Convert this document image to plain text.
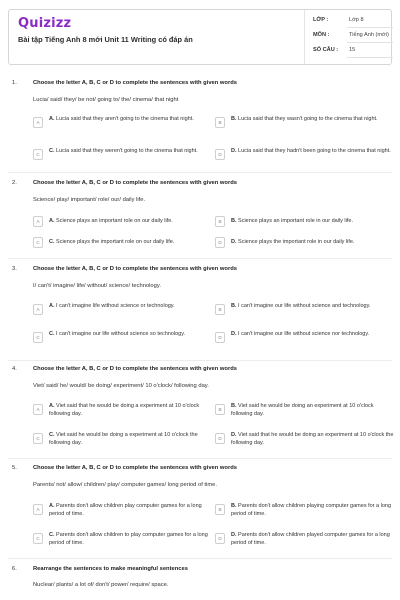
Quizizz
Bài tập Tiếng Anh 8 mới Unit 11 Writing có đáp án
LỚP :	Lớp 8
MÔN :	Tiếng Anh (mới)
SỐ CÂU : 15
1.	Choose the letter A, B, C or D to complete the sentences with given words
Lucia/ said/ they/ be not/ going to/ the/ cinema/ that night
A
A. Lucia said that they aren't going to the cinema that night.
B
B. Lucia said that they wasn't going to the cinema that night.
C
C. Lucia said that they weren't going to the cinema that night.
D
D. Lucia said that they hadn't been going to the cinema that night.
2.	Choose the letter A, B, C or D to complete the sentences with given words
Science/ play/ important/ role/ our/ daily life.
A	A. Science plays an important role on our daily life.	B	B. Science plays an important role in our daily life.
C	C. Science plays the important role on our daily life.	D	D. Science plays the important role in our daily life.
3.	Choose the letter A, B, C or D to complete the sentences with given words
I/ can't/ imagine/ life/ without/ science/ technology.
A
A. I can't imagine life without science or technology.
B
B. I can't imagine our life without science and technology.
C
C. I can't imagine our life without science so technology.
D
D. I can't imagine our life without science nor technology.
4.	Choose the letter A, B, C or D to complete the sentences with given words
Viet/ said/ he/ would/ be doing/ experiment/ 10 o'clock/ following day.
A
A. Viet said that he would be doing a experiment at 10 o'clock following day.
B
B. Viet said he would be doing an experiment at 10 o'clock following day.
C
C. Viet said he would be doing a experiment at 10 o'clock the following day.
D
D. Viet said that he would be doing an experiment at 10 o'clock the following day.
5.	Choose the letter A, B, C or D to complete the sentences with given words
Parents/ not/ allow/ children/ play/ computer games/ long period of time.
A
A. Parents don't allow children play computer games for a long period of time.
B
B. Parents don't allow children playing computer games for a long period of time.
C
C. Parents don't allow children to play computer games for a long period of time.
D
D. Parents don't allow children played computer games for a long period of time.
6.	Rearrange the sentences to make meaningful sentences
Nuclear/ plants/ a lot of/ don't/ power/ require/ space.
